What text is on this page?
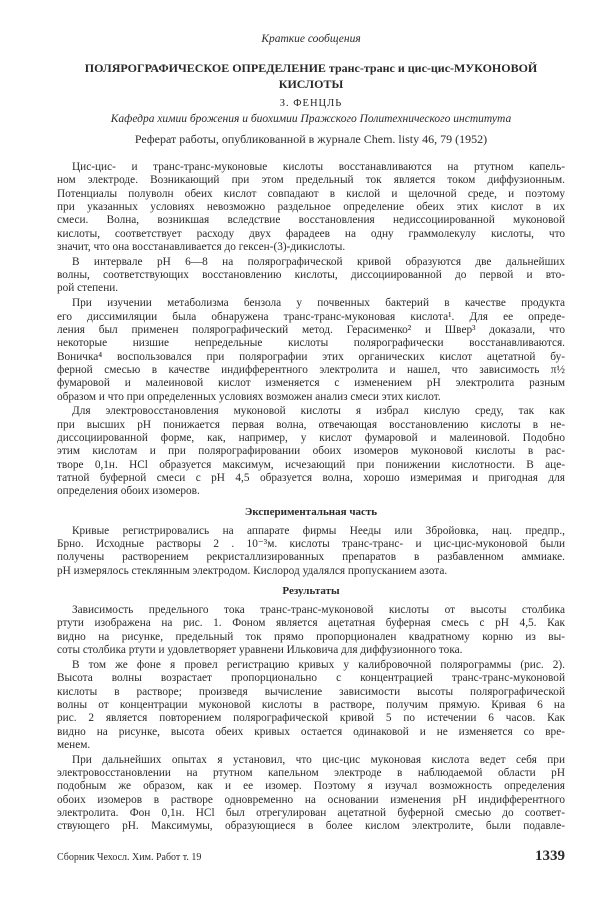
Краткие сообщения
ПОЛЯРОГРАФИЧЕСКОЕ ОПРЕДЕЛЕНИЕ транс-транс и цис-цис-МУКОНОВОЙ
КИСЛОТЫ
З. ФЕНЦЛЬ
Кафедра химии брожения и биохимии Пражского Политехнического института
Реферат работы, опубликованной в журнале Chem. listy 46, 79 (1952)
Цис-цис- и транс-транс-муконовые кислоты восстанавливаются на ртутном капель-
ном электроде. Возникающий при этом предельный ток является током диффузионным.
Потенциалы полуволн обеих кислот совпадают в кислой и щелочной среде, и поэтому
при указанных условиях невозможно раздельное определение обеих этих кислот в их
смеси. Волна, возникшая вследствие восстановления недиссоциированной муконовой
кислоты, соответствует расходу двух фарадеев на одну граммолекулу кислоты, что
значит, что она восстанавливается до гексен-(3)-дикислоты.
В интервале pH 6—8 на полярографической кривой образуются две дальнейших
волны, соответствующих восстановлению кислоты, диссоциированной до первой и вто-
рой степени.
При изучении метаболизма бензола у почвенных бактерий в качестве продукта
его диссимиляции была обнаружена транс-транс-муконовая кислота¹. Для ее опреде-
ления был применен полярографический метод. Герасименко² и Швер³ доказали, что
некоторые низшие непредельные кислоты полярографически восстанавливаются.
Воничка⁴ воспользовался при полярографии этих органических кислот ацетатной бу-
ферной смесью в качестве индифферентного электролита и нашел, что зависимость π½
фумаровой и малеиновой кислот изменяется с изменением pH электролита разным
образом и что при определенных условиях возможен анализ смеси этих кислот.
Для электровосстановления муконовой кислоты я избрал кислую среду, так как
при высших pH понижается первая волна, отвечающая восстановлению кислоты в не-
диссоциированной форме, как, например, у кислот фумаровой и малеиновой. Подобно
этим кислотам и при полярографировании обоих изомеров муконовой кислоты в рас-
творе 0,1н. HCl образуется максимум, исчезающий при понижении кислотности. В аце-
татной буферной смеси с pH 4,5 образуется волна, хорошо измеримая и пригодная для
определения обоих изомеров.
Экспериментальная часть
Кривые регистрировались на аппарате фирмы Нееды или Збройовка, нац. предпр.,
Брно. Исходные растворы 2 . 10⁻³м. кислоты транс-транс- и цис-цис-муконовой были
получены растворением рекристаллизированных препаратов в разбавленном аммиаке.
pH измерялось стеклянным электродом. Кислород удалялся пропусканием азота.
Результаты
Зависимость предельного тока транс-транс-муконовой кислоты от высоты столбика
ртути изображена на рис. 1. Фоном является ацетатная буферная смесь с pH 4,5. Как
видно на рисунке, предельный ток прямо пропорционален квадратному корню из вы-
соты столбика ртути и удовлетворяет уравнени Ильковича для диффузионного тока.
В том же фоне я провел регистрацию кривых у калибровочной полярограммы (рис. 2).
Высота волны возрастает пропорционально с концентрацией транс-транс-муконовой
кислоты в растворе; произведя вычисление зависимости высоты полярографической
волны от концентрации муконовой кислоты в растворе, получим прямую. Кривая 6 на
рис. 2 является повторением полярографической кривой 5 по истечении 6 часов. Как
видно на рисунке, высота обеих кривых остается одинаковой и не изменяется со вре-
менем.
При дальнейших опытах я установил, что цис-цис муконовая кислота ведет себя при
электровосстановлении на ртутном капельном электроде в наблюдаемой области pH
подобным же образом, как и ее изомер. Поэтому я изучал возможность определения
обоих изомеров в растворе одновременно на основании изменения pH индифферентного
электролита. Фон 0,1н. HCl был отрегулирован ацетатной буферной смесью до соответ-
ствующего pH. Максимумы, образующиеся в более кислом электролите, были подавле-
Сборник Чехосл. Хим. Работ т. 19	1339
